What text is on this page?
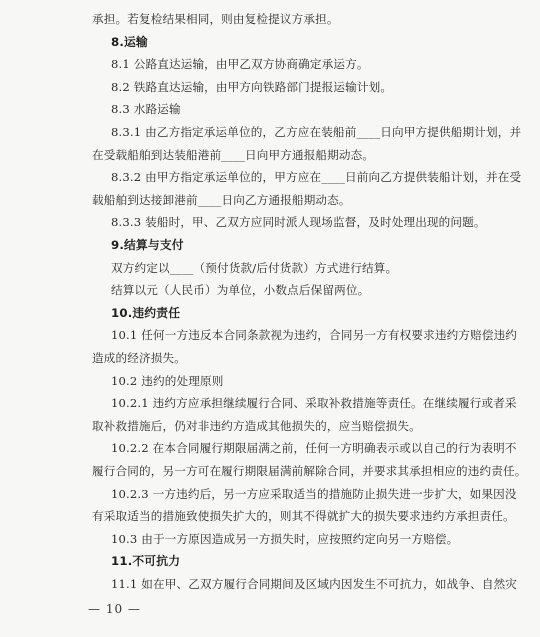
承担。若复检结果相同，则由复检提议方承担。
8.运输
8.1 公路直达运输，由甲乙双方协商确定承运方。
8.2 铁路直达运输，由甲方向铁路部门提报运输计划。
8.3 水路运输
8.3.1 由乙方指定承运单位的，乙方应在装船前____日向甲方提供船期计划，并
在受载船舶到达装船港前____日向甲方通报船期动态。
8.3.2 由甲方指定承运单位的，甲方应在____日前向乙方提供装船计划，并在受
载船舶到达接卸港前____日向乙方通报船期动态。
8.3.3 装船时，甲、乙双方应同时派人现场监督，及时处理出现的问题。
9.结算与支付
双方约定以____（预付货款/后付货款）方式进行结算。
结算以元（人民币）为单位，小数点后保留两位。
10.违约责任
10.1 任何一方违反本合同条款视为违约，合同另一方有权要求违约方赔偿违约
造成的经济损失。
10.2 违约的处理原则
10.2.1 违约方应承担继续履行合同、采取补救措施等责任。在继续履行或者采
取补救措施后，仍对非违约方造成其他损失的，应当赔偿损失。
10.2.2 在本合同履行期限届满之前，任何一方明确表示或以自己的行为表明不
履行合同的，另一方可在履行期限届满前解除合同，并要求其承担相应的违约责任。
10.2.3 一方违约后，另一方应采取适当的措施防止损失进一步扩大，如果因没
有采取适当的措施致使损失扩大的，则其不得就扩大的损失要求违约方承担责任。
10.3 由于一方原因造成另一方损失时，应按照约定向另一方赔偿。
11.不可抗力
11.1 如在甲、乙双方履行合同期间及区域内因发生不可抗力，如战争、自然灾
— 10 —
